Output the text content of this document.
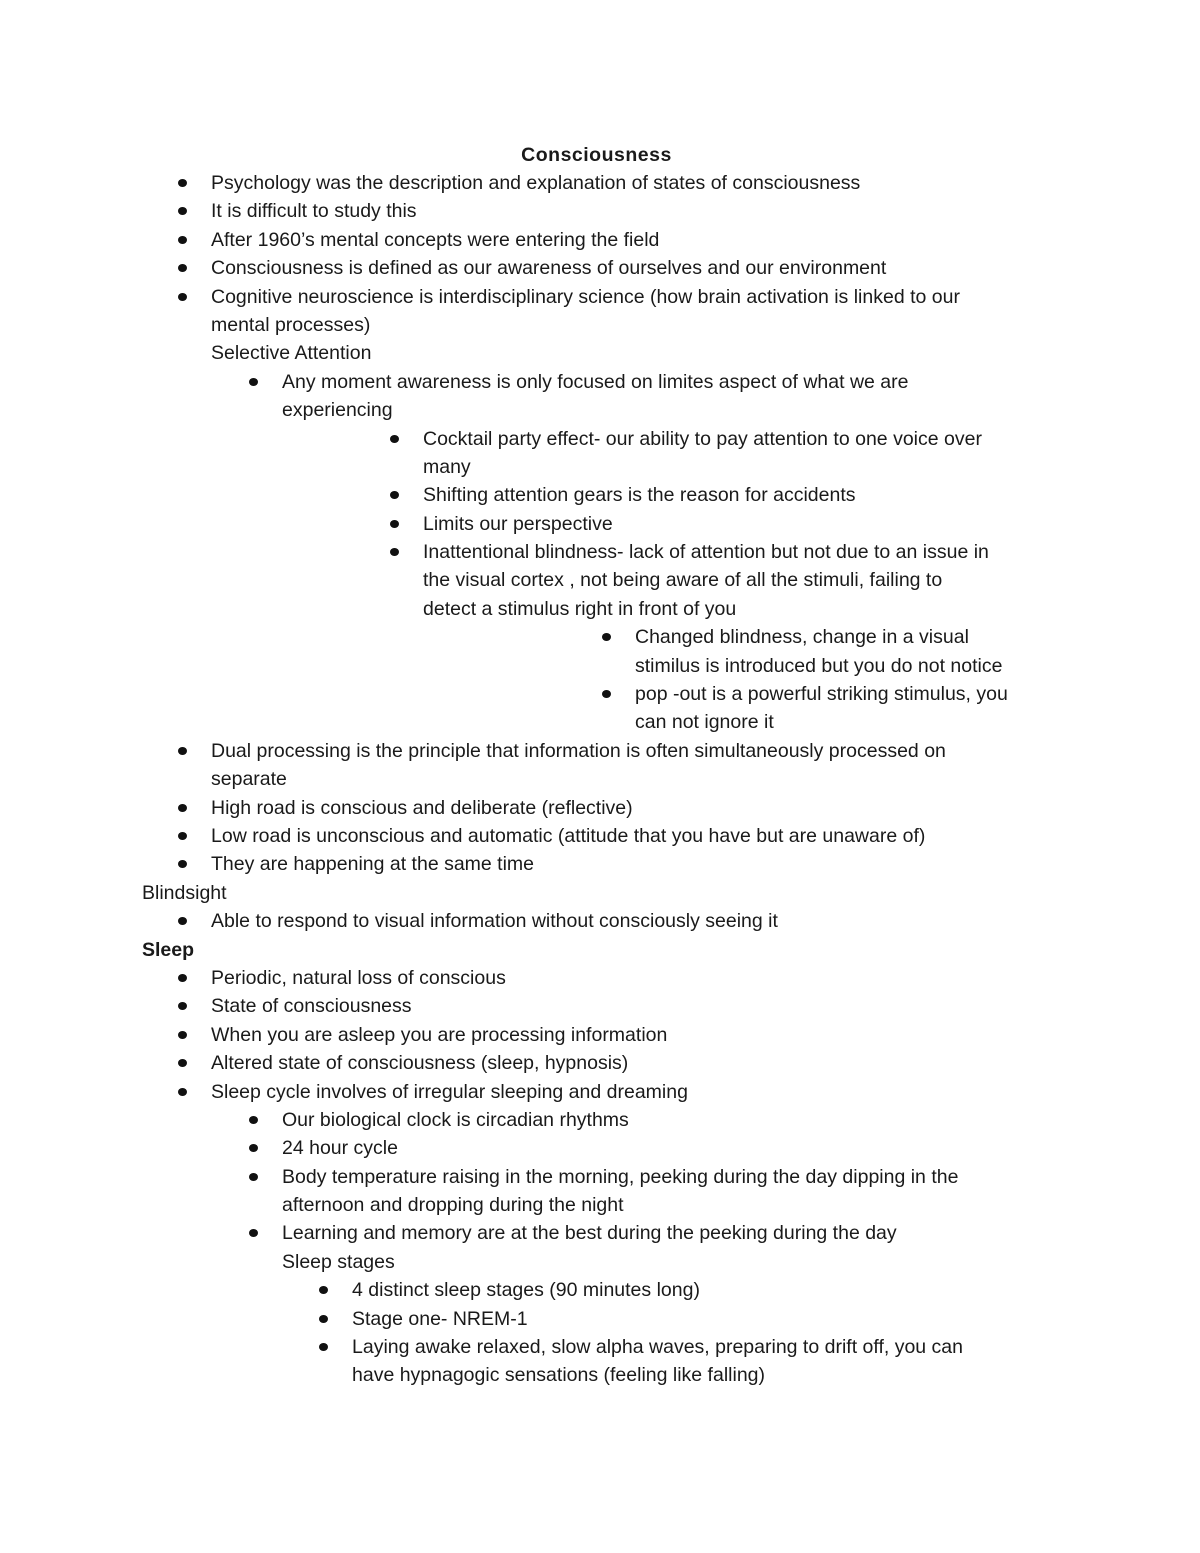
Consciousness
Psychology was the description and explanation of states of consciousness
It is difficult to study this
After 1960’s mental concepts were entering the field
Consciousness is defined as our awareness of ourselves and our environment
Cognitive neuroscience is interdisciplinary science (how brain activation is linked to our
mental processes)
Selective Attention
Any moment awareness is only focused on limites aspect of what we are
experiencing
Cocktail party effect- our ability to pay attention to one voice over
many
Shifting attention gears is the reason for accidents
Limits our perspective
Inattentional blindness- lack of attention but not due to an issue in
the visual cortex , not being aware of all the stimuli, failing to
detect a stimulus right in front of you
Changed blindness, change in a visual
stimilus is introduced but you do not notice
pop -out is a powerful striking stimulus, you
can not ignore it
Dual processing is the principle that information is often simultaneously processed on
separate
High road is conscious and deliberate (reflective)
Low road is unconscious and automatic (attitude that you have but are unaware of)
They are happening at the same time
Blindsight
Able to respond to visual information without consciously seeing it
Sleep
Periodic, natural loss of conscious
State of consciousness
When you are asleep you are processing information
Altered state of consciousness (sleep, hypnosis)
Sleep cycle involves of irregular sleeping and dreaming
Our biological clock is circadian rhythms
24 hour cycle
Body temperature raising in the morning, peeking during the day dipping in the
afternoon and dropping during the night
Learning and memory are at the best during the peeking during the day
Sleep stages
4 distinct sleep stages (90 minutes long)
Stage one- NREM-1
Laying awake relaxed, slow alpha waves, preparing to drift off, you can
have hypnagogic sensations (feeling like falling)
